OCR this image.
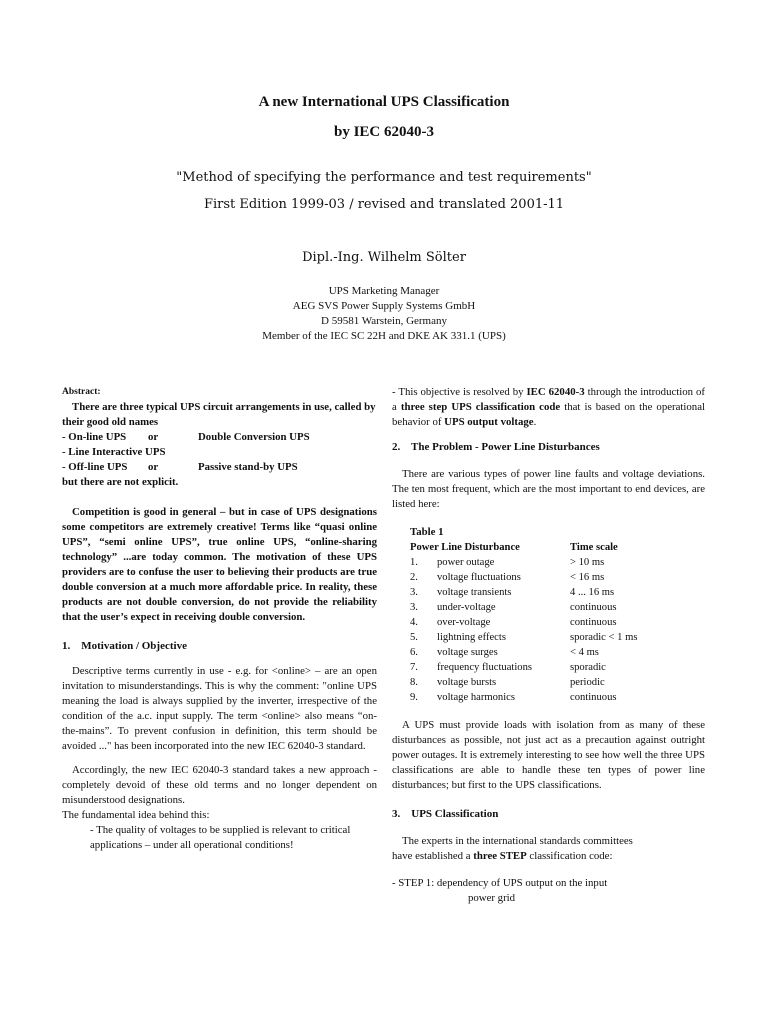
A new International UPS Classification
by IEC 62040-3
"Method of specifying the performance and test requirements"
First Edition 1999-03 / revised and translated 2001-11
Dipl.-Ing. Wilhelm Sölter
UPS Marketing Manager
AEG SVS Power Supply Systems GmbH
D 59581 Warstein, Germany
Member of the IEC SC 22H and DKE AK 331.1 (UPS)

Abstract:

There are three typical UPS circuit arrangements in use, called by their good old names

- On-line UPS	or	Double Conversion UPS
- Line Interactive UPS
- Off-line UPS	or	Passive stand-by UPS

but there are not explicit.

Competition is good in general – but in case of UPS designations some competitors are extremely creative! Terms like “quasi online UPS”, “semi online UPS”, true online UPS, “online-sharing technology” ...are today common. The motivation of these UPS providers are to confuse the user to believing their products are true double conversion at a much more affordable price. In reality, these products are not double conversion, do not provide the reliability that the user’s expect in receiving double conversion.

1.    Motivation / Objective

Descriptive terms currently in use - e.g. for <online> – are an open invitation to misunderstandings. This is why the comment: "online UPS meaning the load is always supplied by the inverter, irrespective of the condition of the a.c. input supply. The term <online> also means “on-the-mains”. To prevent confusion in definition, this term should be avoided ..." has been incorporated into the new IEC 62040-3 standard.

Accordingly, the new IEC 62040-3 standard takes a new approach - completely devoid of these old terms and no longer dependent on misunderstood designations.

The fundamental idea behind this:

- The quality of voltages to be supplied is relevant to critical applications – under all operational conditions!

- This objective is resolved by IEC 62040-3 through the introduction of a three step UPS classification code that is based on the operational behavior of UPS output voltage.

2.    The Problem - Power Line Disturbances

There are various types of power line faults and voltage deviations. The ten most frequent, which are the most important to end devices, are listed here:

Table 1

Power Line Disturbance		Time scale
1.	power outage	> 10 ms
2.	voltage fluctuations	< 16 ms
3.	voltage transients	4 ... 16 ms
3.	under-voltage	continuous
4.	over-voltage	continuous
5.	lightning effects	sporadic < 1 ms
6.	voltage surges	< 4 ms
7.	frequency fluctuations	sporadic
8.	voltage bursts	periodic
9.	voltage harmonics	continuous

A UPS must provide loads with isolation from as many of these disturbances as possible, not just act as a precaution against outright power outages. It is extremely interesting to see how well the three UPS classifications are able to handle these ten types of power line disturbances; but first to the UPS classifications.

3.    UPS Classification

The experts in the international standards committees

have established a three STEP classification code:

- STEP 1: dependency of UPS output on the input

power grid
